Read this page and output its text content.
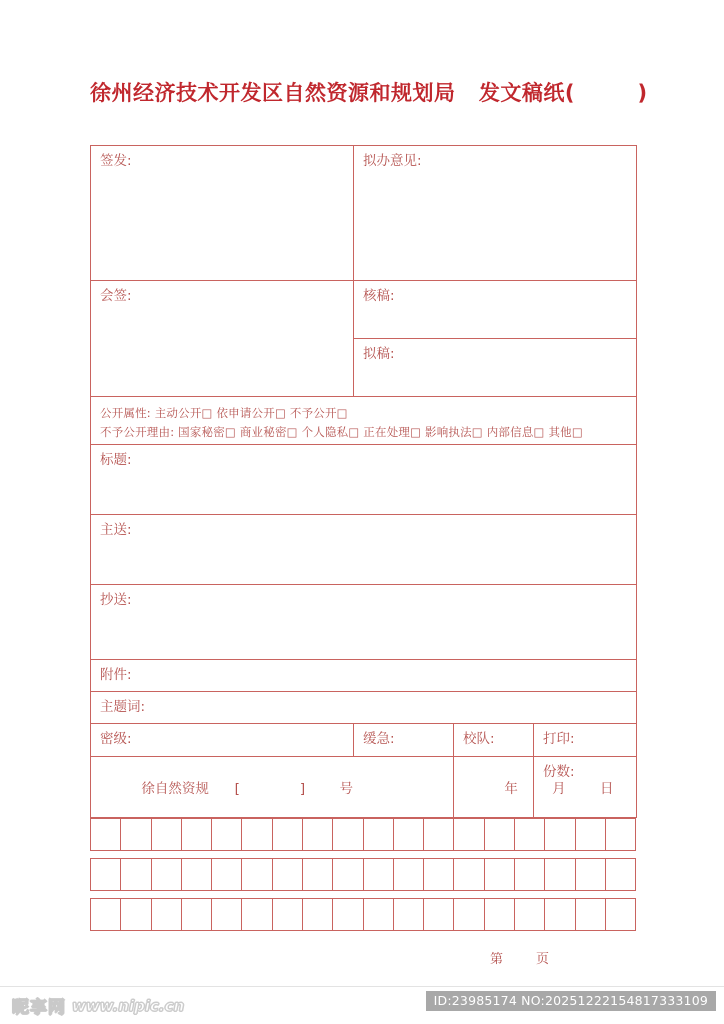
徐州经济技术开发区自然资源和规划局   发文稿纸(        )
签发:	拟办意见:		
会签:	核稿:		
	拟稿:		

公开属性: 主动公开□ 依申请公开□ 不予公开□
不予公开理由: 国家秘密□ 商业秘密□ 个人隐私□ 正在处理□ 影响执法□ 内部信息□ 其他□			

标题:			
主送:			
抄送:			
附件:			
主题词:			
密级:	缓急:	校队:	打印:

徐自然资规      [              ]        号		年        月        日	份数:
第        页
昵享网 www.nipic.cn	ID:23985174 NO:20251222154817333109
